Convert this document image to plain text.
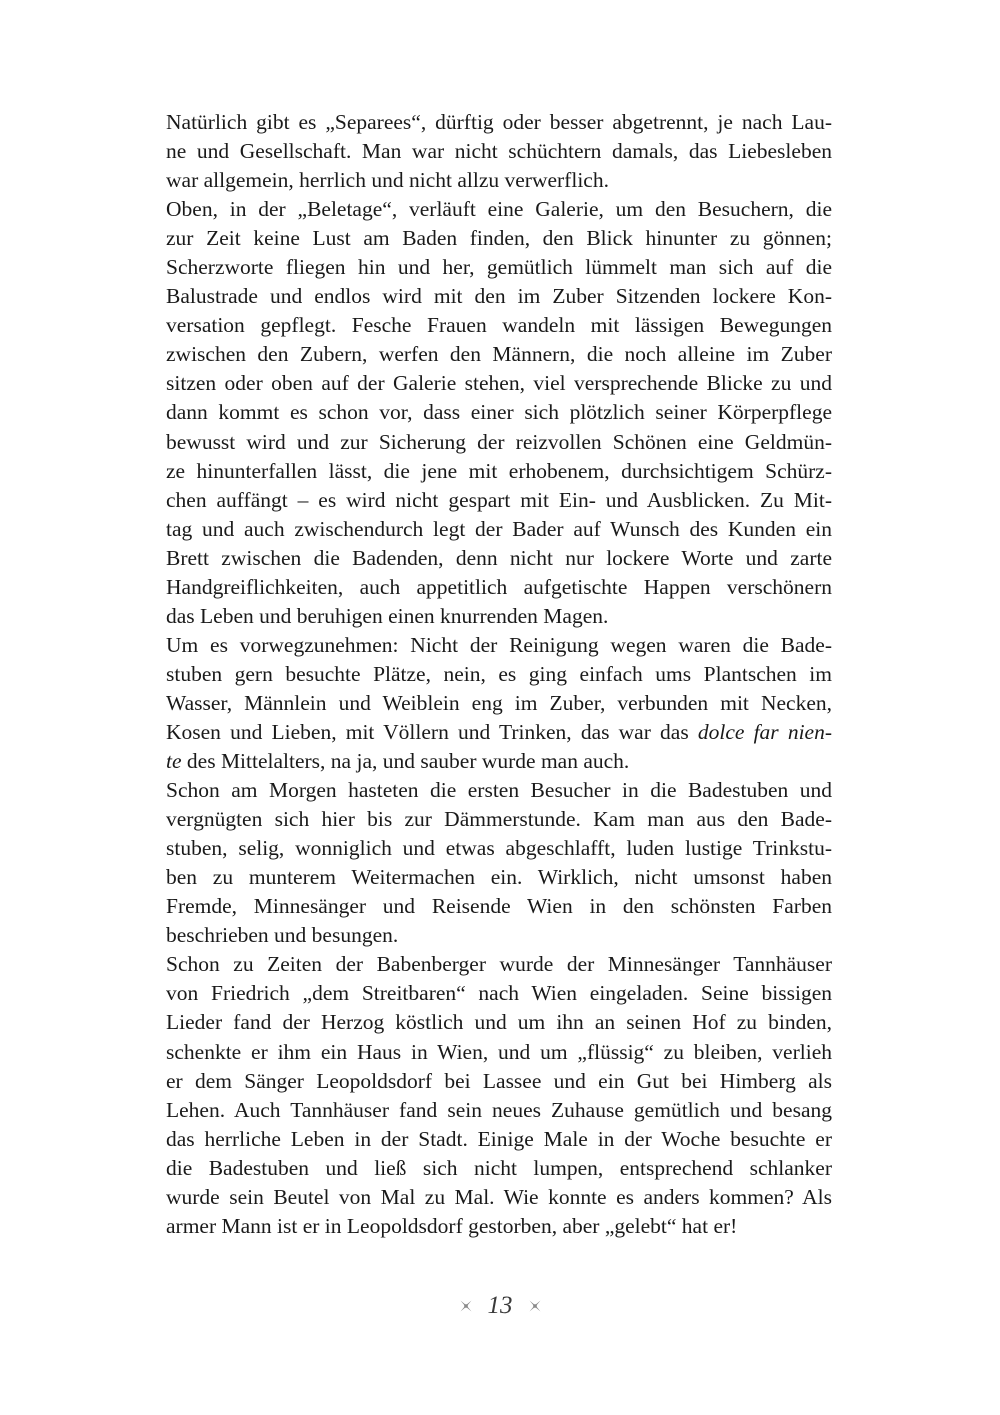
Natürlich gibt es „Separees“, dürftig oder besser abgetrennt, je nach Lau-
ne und Gesellschaft. Man war nicht schüchtern damals, das Liebesleben
war allgemein, herrlich und nicht allzu verwerflich.
Oben, in der „Beletage“, verläuft eine Galerie, um den Besuchern, die
zur Zeit keine Lust am Baden finden, den Blick hinunter zu gönnen;
Scherzworte fliegen hin und her, gemütlich lümmelt man sich auf die
Balustrade und endlos wird mit den im Zuber Sitzenden lockere Kon-
versation gepflegt. Fesche Frauen wandeln mit lässigen Bewegungen
zwischen den Zubern, werfen den Männern, die noch alleine im Zuber
sitzen oder oben auf der Galerie stehen, viel versprechende Blicke zu und
dann kommt es schon vor, dass einer sich plötzlich seiner Körperpflege
bewusst wird und zur Sicherung der reizvollen Schönen eine Geldmün-
ze hinunterfallen lässt, die jene mit erhobenem, durchsichtigem Schürz-
chen auffängt – es wird nicht gespart mit Ein- und Ausblicken. Zu Mit-
tag und auch zwischendurch legt der Bader auf Wunsch des Kunden ein
Brett zwischen die Badenden, denn nicht nur lockere Worte und zarte
Handgreiflichkeiten, auch appetitlich aufgetischte Happen verschönern
das Leben und beruhigen einen knurrenden Magen.
Um es vorwegzunehmen: Nicht der Reinigung wegen waren die Bade-
stuben gern besuchte Plätze, nein, es ging einfach ums Plantschen im
Wasser, Männlein und Weiblein eng im Zuber, verbunden mit Necken,
Kosen und Lieben, mit Völlern und Trinken, das war das dolce far nien-
te des Mittelalters, na ja, und sauber wurde man auch.
Schon am Morgen hasteten die ersten Besucher in die Badestuben und
vergnügten sich hier bis zur Dämmerstunde. Kam man aus den Bade-
stuben, selig, wonniglich und etwas abgeschlafft, luden lustige Trinkstu-
ben zu munterem Weitermachen ein. Wirklich, nicht umsonst haben
Fremde, Minnesänger und Reisende Wien in den schönsten Farben
beschrieben und besungen.
Schon zu Zeiten der Babenberger wurde der Minnesänger Tannhäuser
von Friedrich „dem Streitbaren“ nach Wien eingeladen. Seine bissigen
Lieder fand der Herzog köstlich und um ihn an seinen Hof zu binden,
schenkte er ihm ein Haus in Wien, und um „flüssig“ zu bleiben, verlieh
er dem Sänger Leopoldsdorf bei Lassee und ein Gut bei Himberg als
Lehen. Auch Tannhäuser fand sein neues Zuhause gemütlich und besang
das herrliche Leben in der Stadt. Einige Male in der Woche besuchte er
die Badestuben und ließ sich nicht lumpen, entsprechend schlanker
wurde sein Beutel von Mal zu Mal. Wie konnte es anders kommen? Als
armer Mann ist er in Leopoldsdorf gestorben, aber „gelebt“ hat er!
13
